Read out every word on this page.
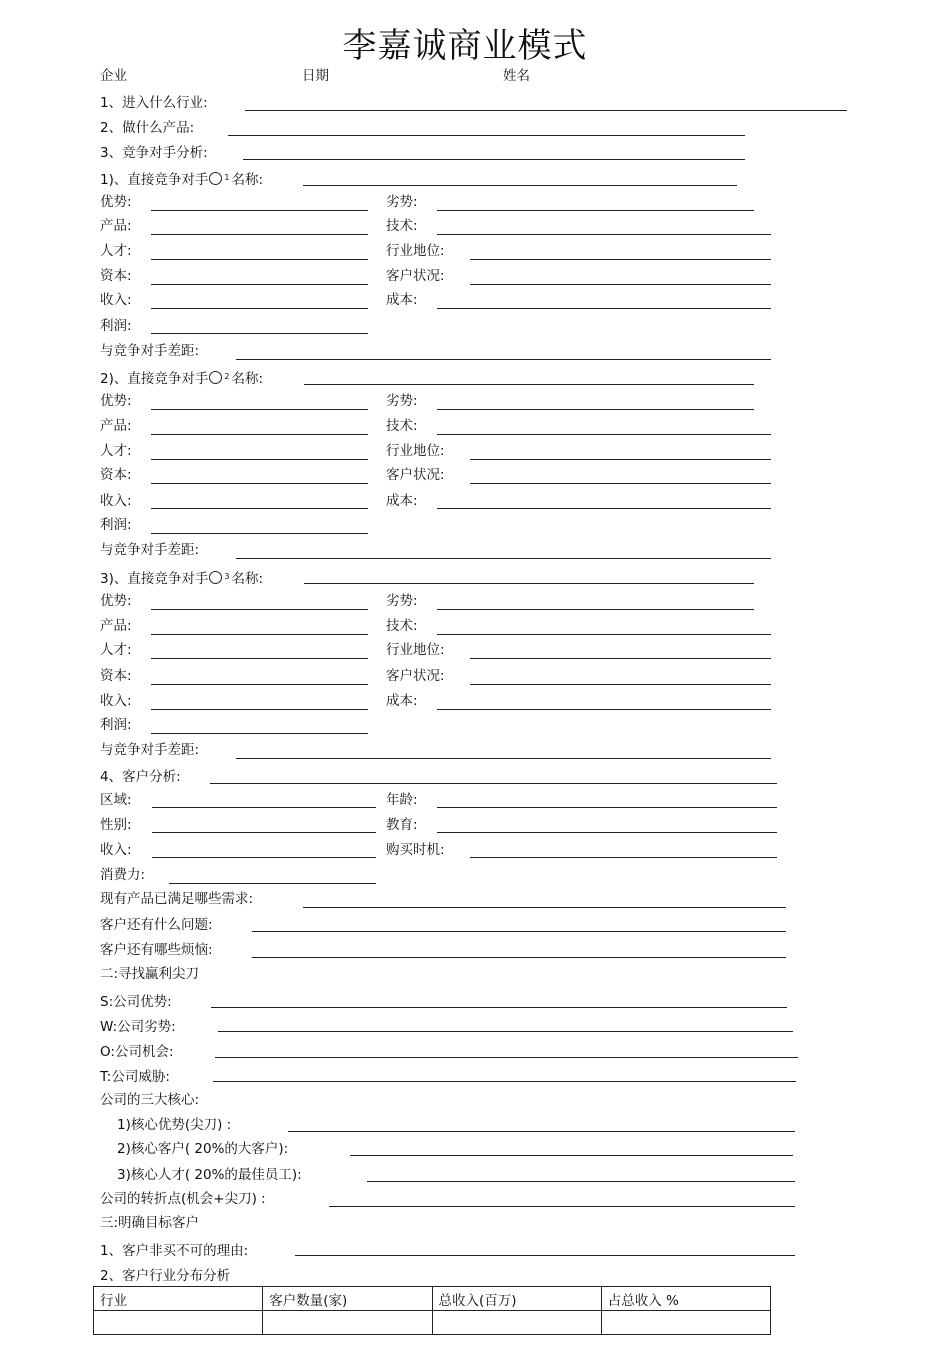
李嘉诚商业模式
企业	日期	姓名
1、进入什么行业:
2、做什么产品:
3、竞争对手分析:
1)、直接竞争对手 $^1$ 名称:
优势:	劣势:
产品:	技术:
人才:	行业地位:
资本:	客户状况:
收入:	成本:
利润:
与竞争对手差距:
2)、直接竞争对手 $^2$ 名称:
优势:	劣势:
产品:	技术:
人才:	行业地位:
资本:	客户状况:
收入:	成本:
利润:
与竞争对手差距:
3)、直接竞争对手 $^3$ 名称:
优势:	劣势:
产品:	技术:
人才:	行业地位:
资本:	客户状况:
收入:	成本:
利润:
与竞争对手差距:
4、客户分析:
区域:	年龄:
性别:	教育:
收入:	购买时机:
消费力:
现有产品已满足哪些需求:
客户还有什么问题:
客户还有哪些烦恼:
二:寻找赢利尖刀
S:公司优势:
W:公司劣势:
O:公司机会:
T:公司威胁:
公司的三大核心:
1)核心优势(尖刀) :
2)核心客户( 20%的大客户):
3)核心人才( 20%的最佳员工):
公司的转折点(机会+尖刀) :
三:明确目标客户
1、客户非买不可的理由:
2、客户行业分布分析
行业	客户数量(家)	总收入(百万)	占总收入 %
